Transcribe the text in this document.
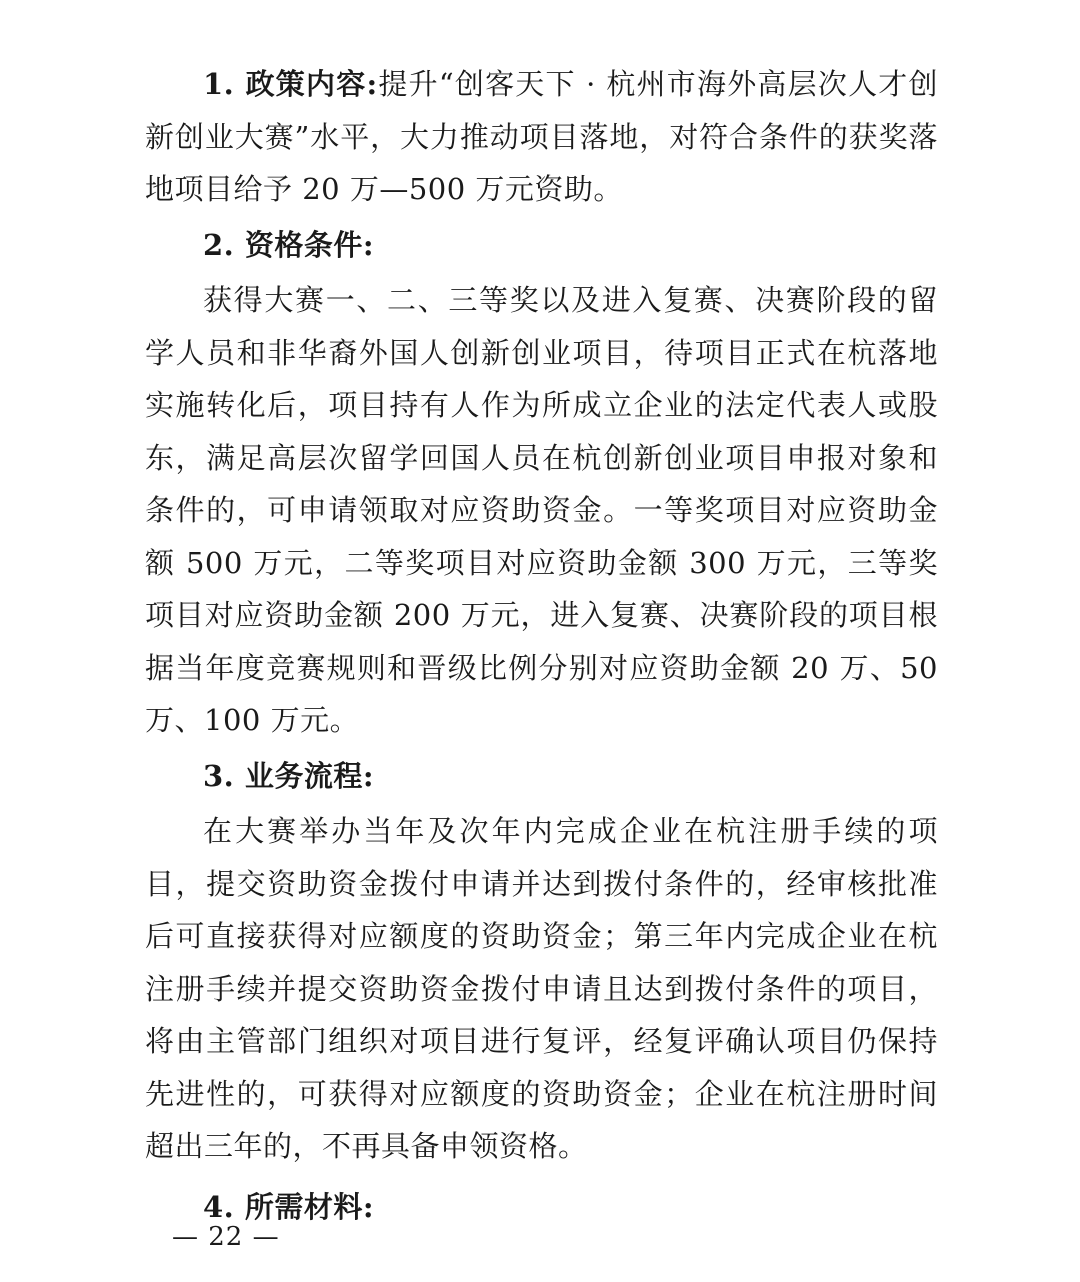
1. 政策内容:提升“创客天下 · 杭州市海外高层次人才创新创业大赛”水平，大力推动项目落地，对符合条件的获奖落地项目给予 20 万—500 万元资助。

2. 资格条件:

获得大赛一、二、三等奖以及进入复赛、决赛阶段的留学人员和非华裔外国人创新创业项目，待项目正式在杭落地实施转化后，项目持有人作为所成立企业的法定代表人或股东，满足高层次留学回国人员在杭创新创业项目申报对象和条件的，可申请领取对应资助资金。一等奖项目对应资助金额 500 万元，二等奖项目对应资助金额 300 万元，三等奖项目对应资助金额 200 万元，进入复赛、决赛阶段的项目根据当年度竞赛规则和晋级比例分别对应资助金额 20 万、50 万、100 万元。

3. 业务流程:

在大赛举办当年及次年内完成企业在杭注册手续的项目，提交资助资金拨付申请并达到拨付条件的，经审核批准后可直接获得对应额度的资助资金；第三年内完成企业在杭注册手续并提交资助资金拨付申请且达到拨付条件的项目，将由主管部门组织对项目进行复评，经复评确认项目仍保持先进性的，可获得对应额度的资助资金；企业在杭注册时间超出三年的，不再具备申领资格。

4. 所需材料:

— 22 —
